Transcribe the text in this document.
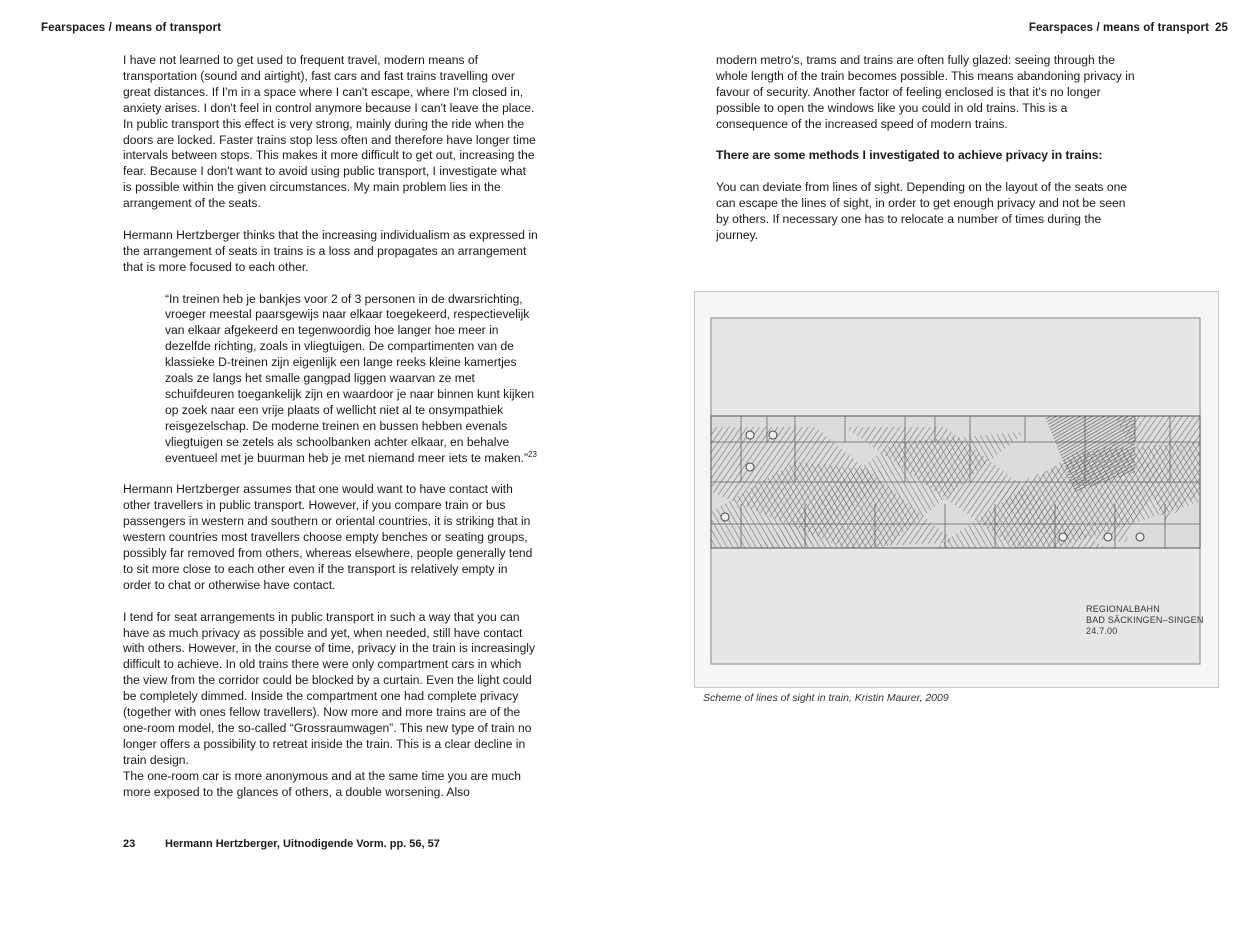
Fearspaces / means of transport	Fearspaces / means of transport 25

I have not learned to get used to frequent travel, modern means of transportation (sound and airtight), fast cars and fast trains travelling over great distances. If I'm in a space where I can't escape, where I'm closed in, anxiety arises. I don't feel in control anymore because I can't leave the place. In public transport this effect is very strong, mainly during the ride when the doors are locked. Faster trains stop less often and therefore have longer time intervals between stops. This makes it more difficult to get out, increasing the fear. Because I don't want to avoid using public transport, I investigate what is possible within the given circumstances. My main problem lies in the arrangement of the seats.

Hermann Hertzberger thinks that the increasing individualism as expressed in the arrangement of seats in trains is a loss and propagates an arrangement that is more focused to each other.

“In treinen heb je bankjes voor 2 of 3 personen in de dwarsrichting, vroeger meestal paarsgewijs naar elkaar toegekeerd, respectievelijk van elkaar afgekeerd en tegenwoordig hoe langer hoe meer in dezelfde richting, zoals in vliegtuigen. De compartimenten van de klassieke D-treinen zijn eigenlijk een lange reeks kleine kamertjes zoals ze langs het smalle gangpad liggen waarvan ze met schuifdeuren toegankelijk zijn en waardoor je naar binnen kunt kijken op zoek naar een vrije plaats of wellicht niet al te onsympathiek reisgezelschap. De moderne treinen en bussen hebben evenals vliegtuigen se zetels als schoolbanken achter elkaar, en behalve eventueel met je buurman heb je met niemand meer iets te maken.”$^{23}$

Hermann Hertzberger assumes that one would want to have contact with other travellers in public transport. However, if you compare train or bus passengers in western and southern or oriental countries, it is striking that in western countries most travellers choose empty benches or seating groups, possibly far removed from others, whereas elsewhere, people generally tend to sit more close to each other even if the transport is relatively empty in order to chat or otherwise have contact.

I tend for seat arrangements in public transport in such a way that you can have as much privacy as possible and yet, when needed, still have contact with others. However, in the course of time, privacy in the train is increasingly difficult to achieve. In old trains there were only compartment cars in which the view from the corridor could be blocked by a curtain. Even the light could be completely dimmed. Inside the compartment one had complete privacy (together with ones fellow travellers). Now more and more trains are of the one-room model, the so-called “Grossraumwagen”. This new type of train no longer offers a possibility to retreat inside the train. This is a clear decline in train design.

The one-room car is more anonymous and at the same time you are much more exposed to the glances of others, a double worsening. Also

23	Hermann Hertzberger, Uitnodigende Vorm. pp. 56, 57

modern metro's, trams and trains are often fully glazed: seeing through the whole length of the train becomes possible. This means abandoning privacy in favour of security. Another factor of feeling enclosed is that it's no longer possible to open the windows like you could in old trains. This is a consequence of the increased speed of modern trains.

There are some methods I investigated to achieve privacy in trains:

You can deviate from lines of sight. Depending on the layout of the seats one can escape the lines of sight, in order to get enough privacy and not be seen by others. If necessary one has to relocate a number of times during the journey.

REGIONALBAHN
BAD SÄCKINGEN–SINGEN
24.7.00
Scheme of lines of sight in train, Kristin Maurer, 2009
